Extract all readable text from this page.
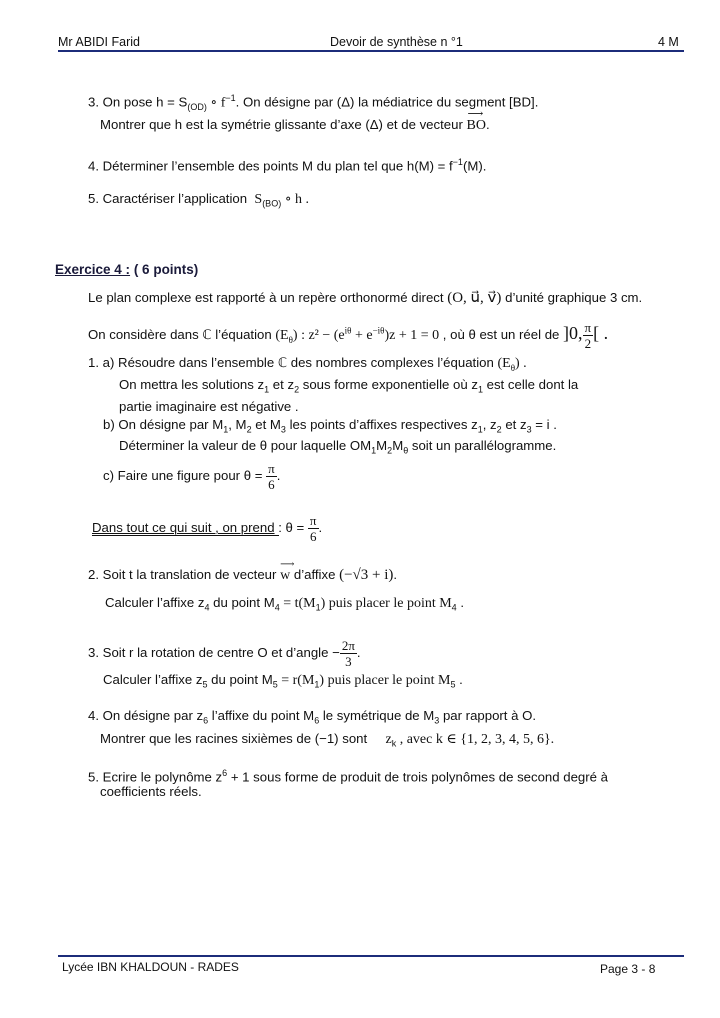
Mr ABIDI Farid	Devoir de synthèse n °1	4 M
3. On pose $h = S_{(OD)}$ ∘ $f^{-1}$. On désigne par (Δ) la médiatrice du segment [BD].
Montrer que h est la symétrie glissante d’axe (Δ) et de vecteur
⟶
BO.
4. Déterminer l’ensemble des points M du plan tel que $h(M) = f^{-1}(M)$.
5. Caractériser l’application $S_{(BO)}$ ∘ h .
Exercice 4 : ( 6 points)
Le plan complexe est rapporté à un repère orthonormé direct (O, u⃗, v⃗) d’unité graphique 3 cm.
On considère dans ℂ l’équation $(E_\theta)$ : $z^2 - (e^{i\theta} + e^{-i\theta})z + 1 = 0$ , où θ est un réel de ]0, $\frac{\pi}{2}$ [ .
1. a) Résoudre dans l’ensemble ℂ des nombres complexes l’équation $(E_\theta)$ .
On mettra les solutions $z_1$ et $z_2$ sous forme exponentielle où $z_1$ est celle dont la
partie imaginaire est négative .
b) On désigne par $M_1$, $M_2$ et $M_3$ les points d’affixes respectives $z_1$, $z_2$ et $z_3 = i$ .
Déterminer la valeur de θ pour laquelle $OM_1M_2M_\theta$ soit un parallélogramme.
c) Faire une figure pour $\theta = \frac{\pi}{6}$ .
Dans tout ce qui suit , on prend : $\theta = \frac{\pi}{6}$ .
2. Soit t la translation de vecteur
⟶
w d’affixe (−√3 + i).
Calculer l’affixe $z_4$ du point $M_4 = t(M_1)$ puis placer le point $M_4$ .
3. Soit r la rotation de centre O et d’angle − $\frac{2\pi}{3}$ .
Calculer l’affixe $z_5$ du point $M_5 = r(M_1)$ puis placer le point $M_5$ .
4. On désigne par $z_6$ l’affixe du point $M_6$ le symétrique de $M_3$ par rapport à O.
Montrer que les racines sixièmes de (−1) sont $z_k$ , avec k ∈ {1, 2, 3, 4, 5, 6}.
5. Ecrire le polynôme $z^6 + 1$ sous forme de produit de trois polynômes de second degré à
coefficients réels.
Lycée IBN KHALDOUN - RADES	Page 3 - 8
